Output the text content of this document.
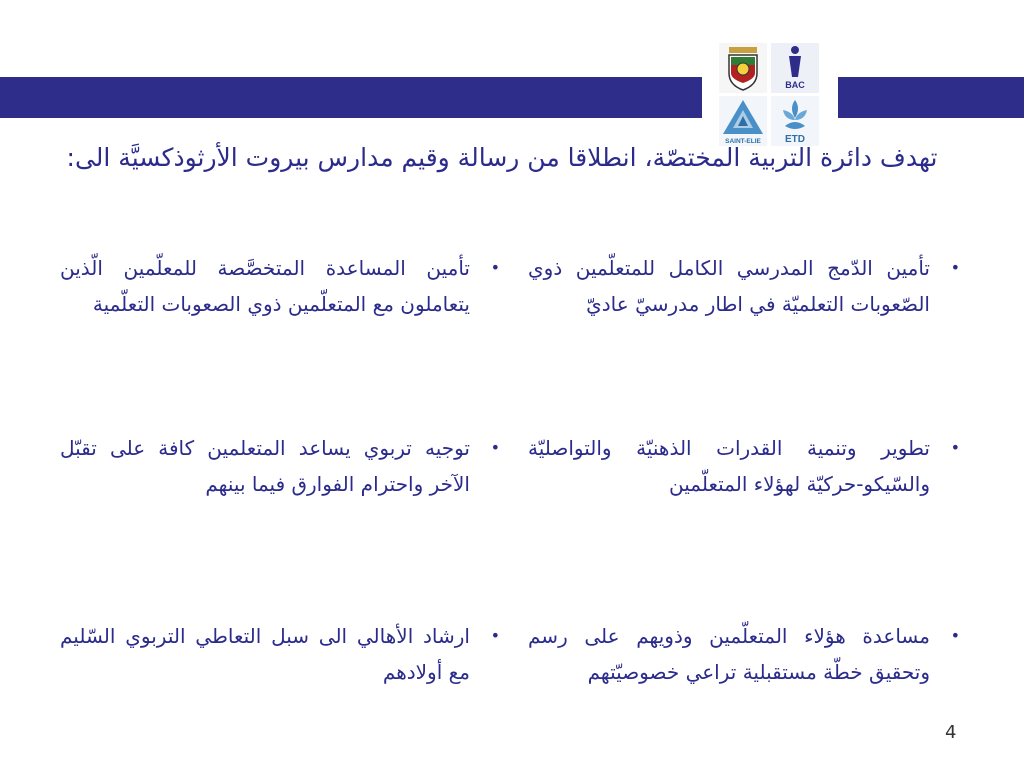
BAC
SAINT-ELIE ETD
تهدف دائرة التربية المختصّة، انطلاقا من رسالة وقيم مدارس بيروت الأرثوذكسيَّة الى:
•
تأمين الدّمج المدرسي الكامل للمتعلّمين ذوي الصّعوبات التعلميّة في اطار مدرسيّ عاديّ
•
تطوير وتنمية القدرات الذهنيّة والتواصليّة والسّيكو-حركيّة لهؤلاء المتعلّمين
•
مساعدة هؤلاء المتعلّمين وذويهم على رسم وتحقيق خطّة مستقبلية تراعي خصوصيّتهم
•
تأمين المساعدة المتخصَّصة للمعلّمين الّذين يتعاملون مع المتعلّمين ذوي الصعوبات التعلّمية
•
توجيه تربوي يساعد المتعلمين كافة على تقبّل الآخر واحترام الفوارق فيما بينهم
•
ارشاد الأهالي الى سبل التعاطي التربوي السّليم مع أولادهم
4
